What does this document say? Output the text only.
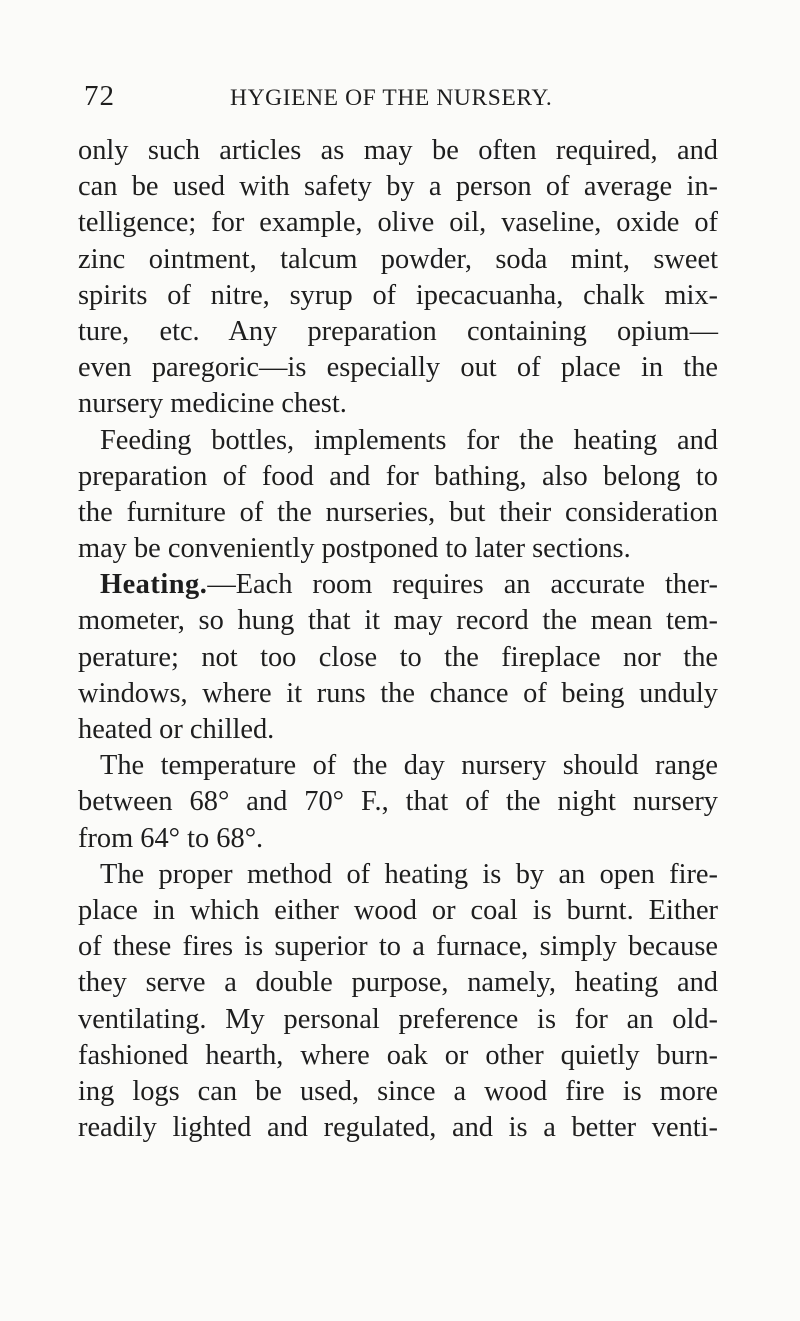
72	HYGIENE OF THE NURSERY.
only such articles as may be often required, and
can be used with safety by a person of average in-
telligence; for example, olive oil, vaseline, oxide of
zinc ointment, talcum powder, soda mint, sweet
spirits of nitre, syrup of ipecacuanha, chalk mix-
ture, etc. Any preparation containing opium—
even paregoric—is especially out of place in the
nursery medicine chest.
Feeding bottles, implements for the heating and
preparation of food and for bathing, also belong to
the furniture of the nurseries, but their consideration
may be conveniently postponed to later sections.
Heating.—Each room requires an accurate ther-
mometer, so hung that it may record the mean tem-
perature; not too close to the fireplace nor the
windows, where it runs the chance of being unduly
heated or chilled.
The temperature of the day nursery should range
between 68° and 70° F., that of the night nursery
from 64° to 68°.
The proper method of heating is by an open fire-
place in which either wood or coal is burnt. Either
of these fires is superior to a furnace, simply because
they serve a double purpose, namely, heating and
ventilating. My personal preference is for an old-
fashioned hearth, where oak or other quietly burn-
ing logs can be used, since a wood fire is more
readily lighted and regulated, and is a better venti-
